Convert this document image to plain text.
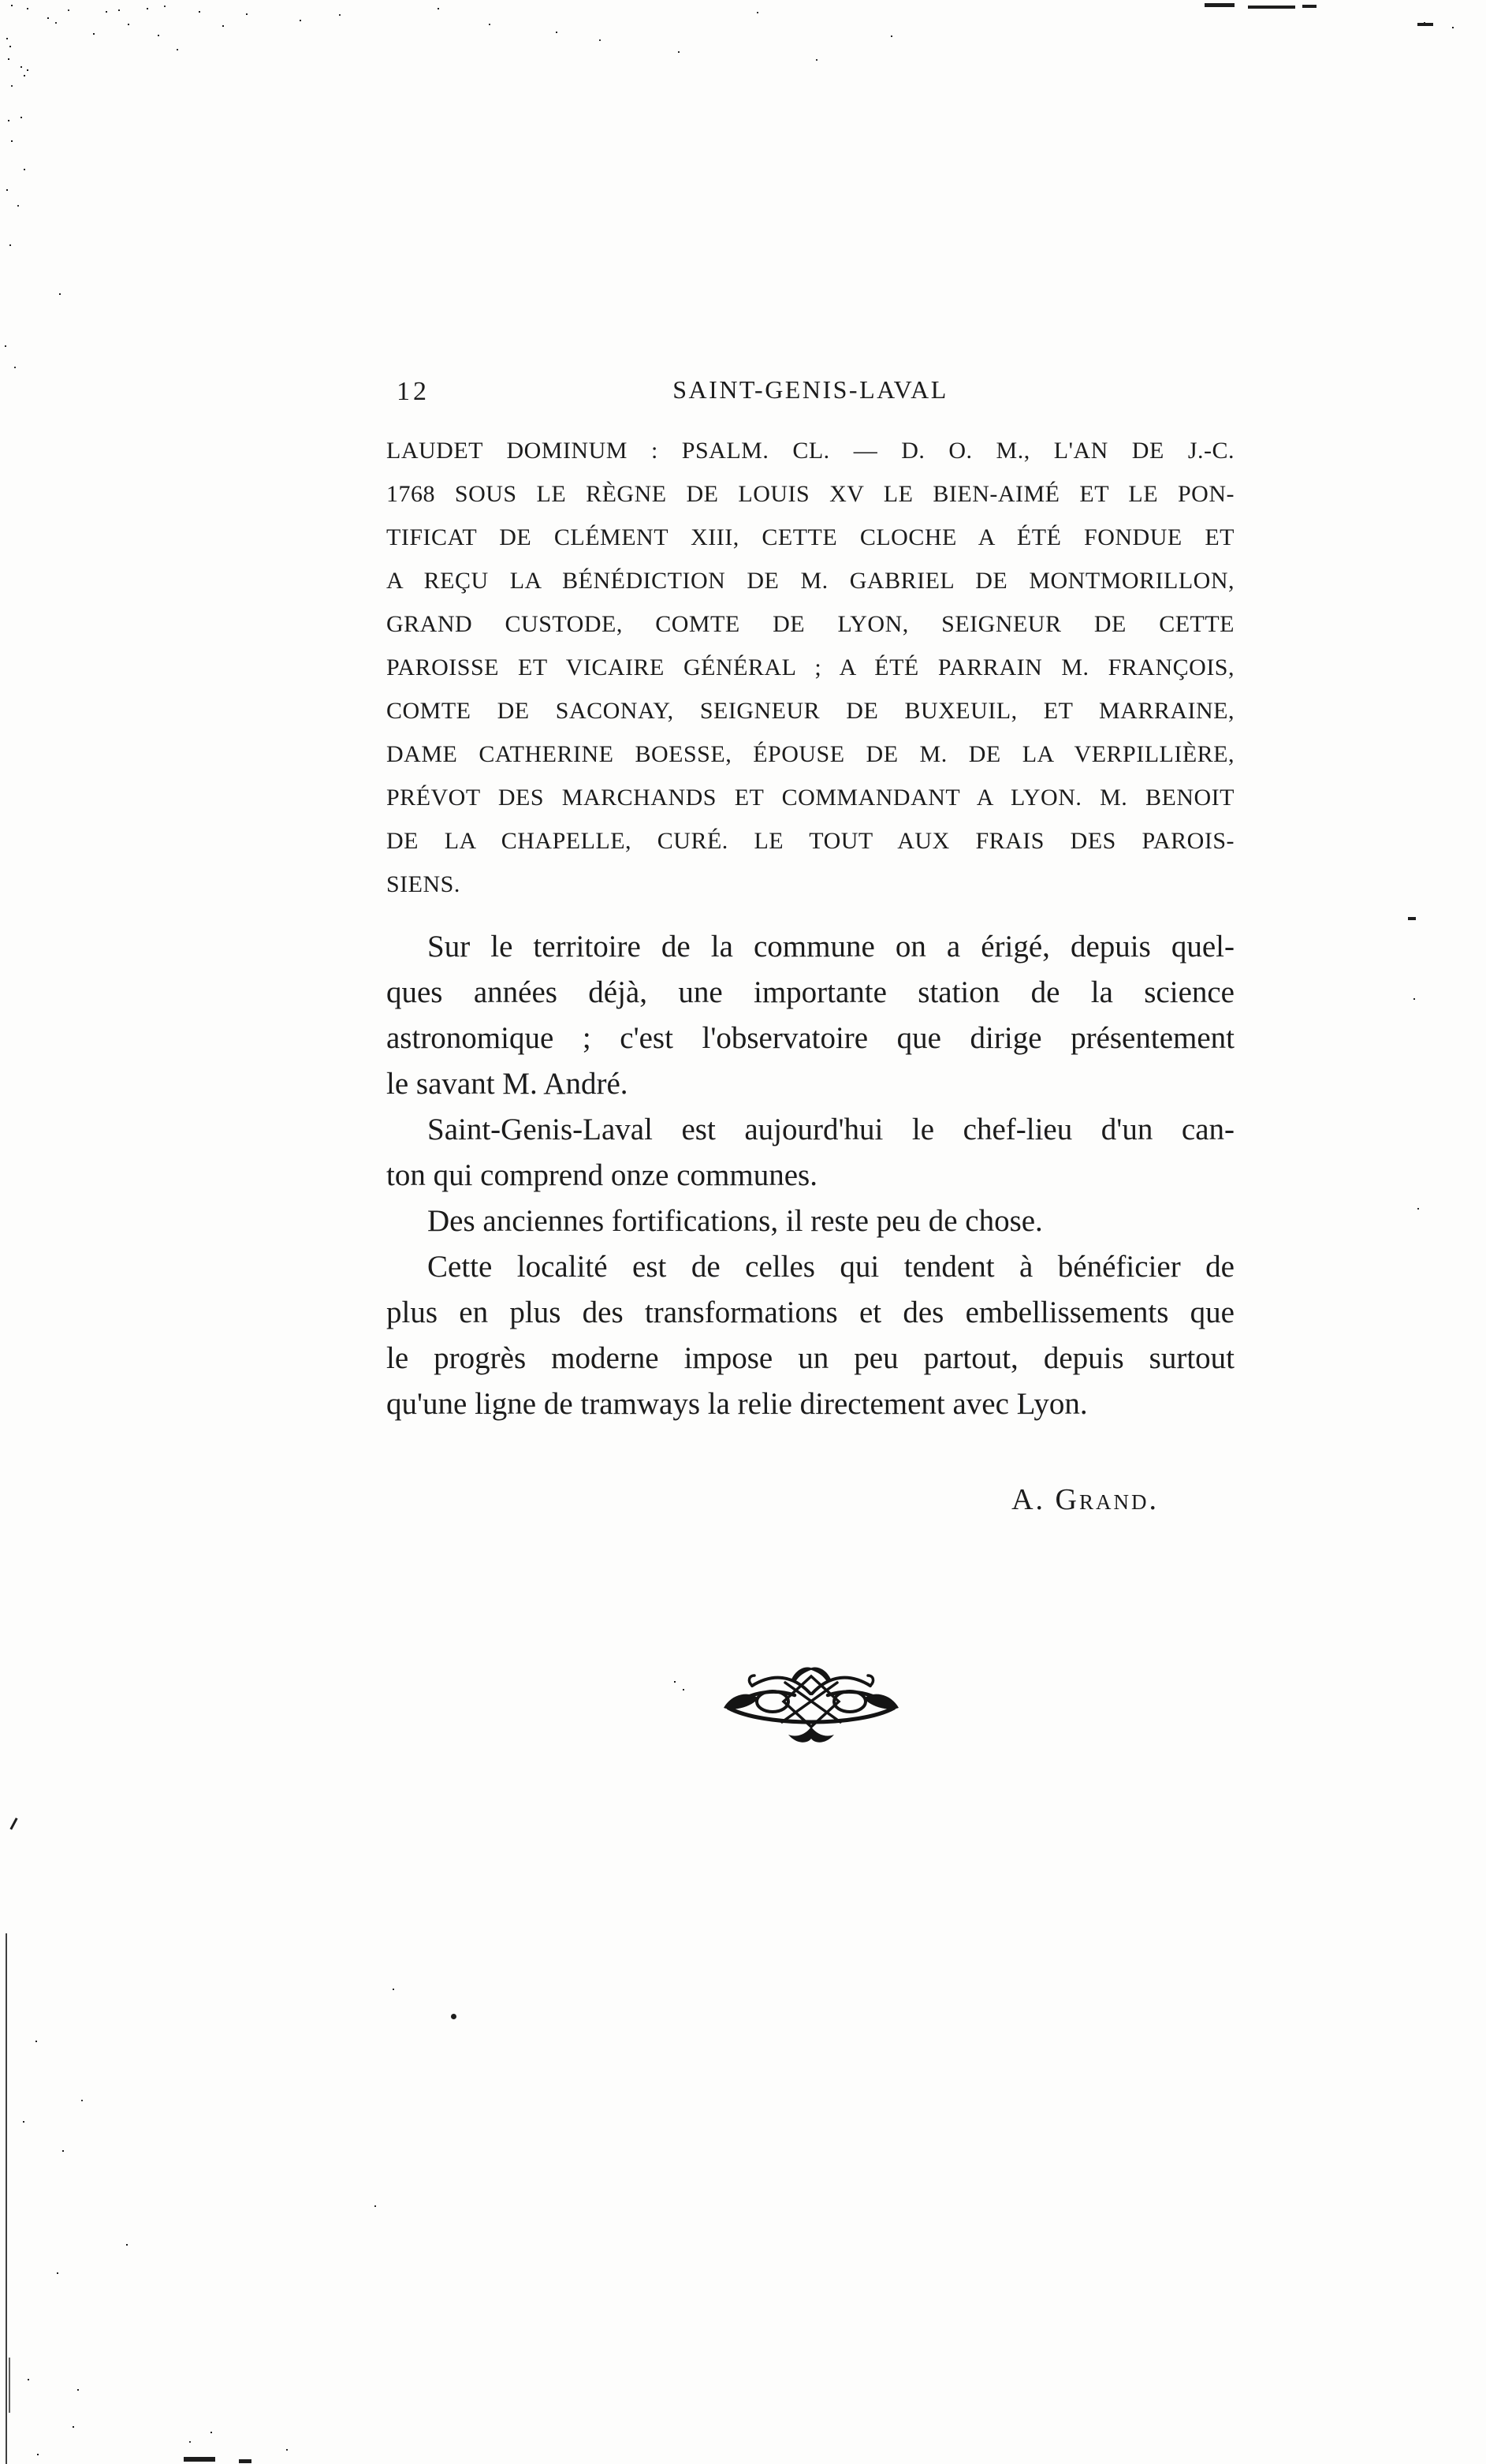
12	SAINT-GENIS-LAVAL
LAUDET DOMINUM : PSALM. CL. — D. O. M., L'AN DE J.-C.
1768 SOUS LE RÈGNE DE LOUIS XV LE BIEN-AIMÉ ET LE PON-
TIFICAT DE CLÉMENT XIII, CETTE CLOCHE A ÉTÉ FONDUE ET
A REÇU LA BÉNÉDICTION DE M. GABRIEL DE MONTMORILLON,
GRAND CUSTODE, COMTE DE LYON, SEIGNEUR DE CETTE
PAROISSE ET VICAIRE GÉNÉRAL ; A ÉTÉ PARRAIN M. FRANÇOIS,
COMTE DE SACONAY, SEIGNEUR DE BUXEUIL, ET MARRAINE,
DAME CATHERINE BOESSE, ÉPOUSE DE M. DE LA VERPILLIÈRE,
PRÉVOT DES MARCHANDS ET COMMANDANT A LYON. M. BENOIT
DE LA CHAPELLE, CURÉ. LE TOUT AUX FRAIS DES PAROIS-
SIENS.
Sur le territoire de la commune on a érigé, depuis quel-
ques années déjà, une importante station de la science
astronomique ; c'est l'observatoire que dirige présentement
le savant M. André.
Saint-Genis-Laval est aujourd'hui le chef-lieu d'un can-
ton qui comprend onze communes.
Des anciennes fortifications, il reste peu de chose.
Cette localité est de celles qui tendent à bénéficier de
plus en plus des transformations et des embellissements que
le progrès moderne impose un peu partout, depuis surtout
qu'une ligne de tramways la relie directement avec Lyon.
A. Grand.
